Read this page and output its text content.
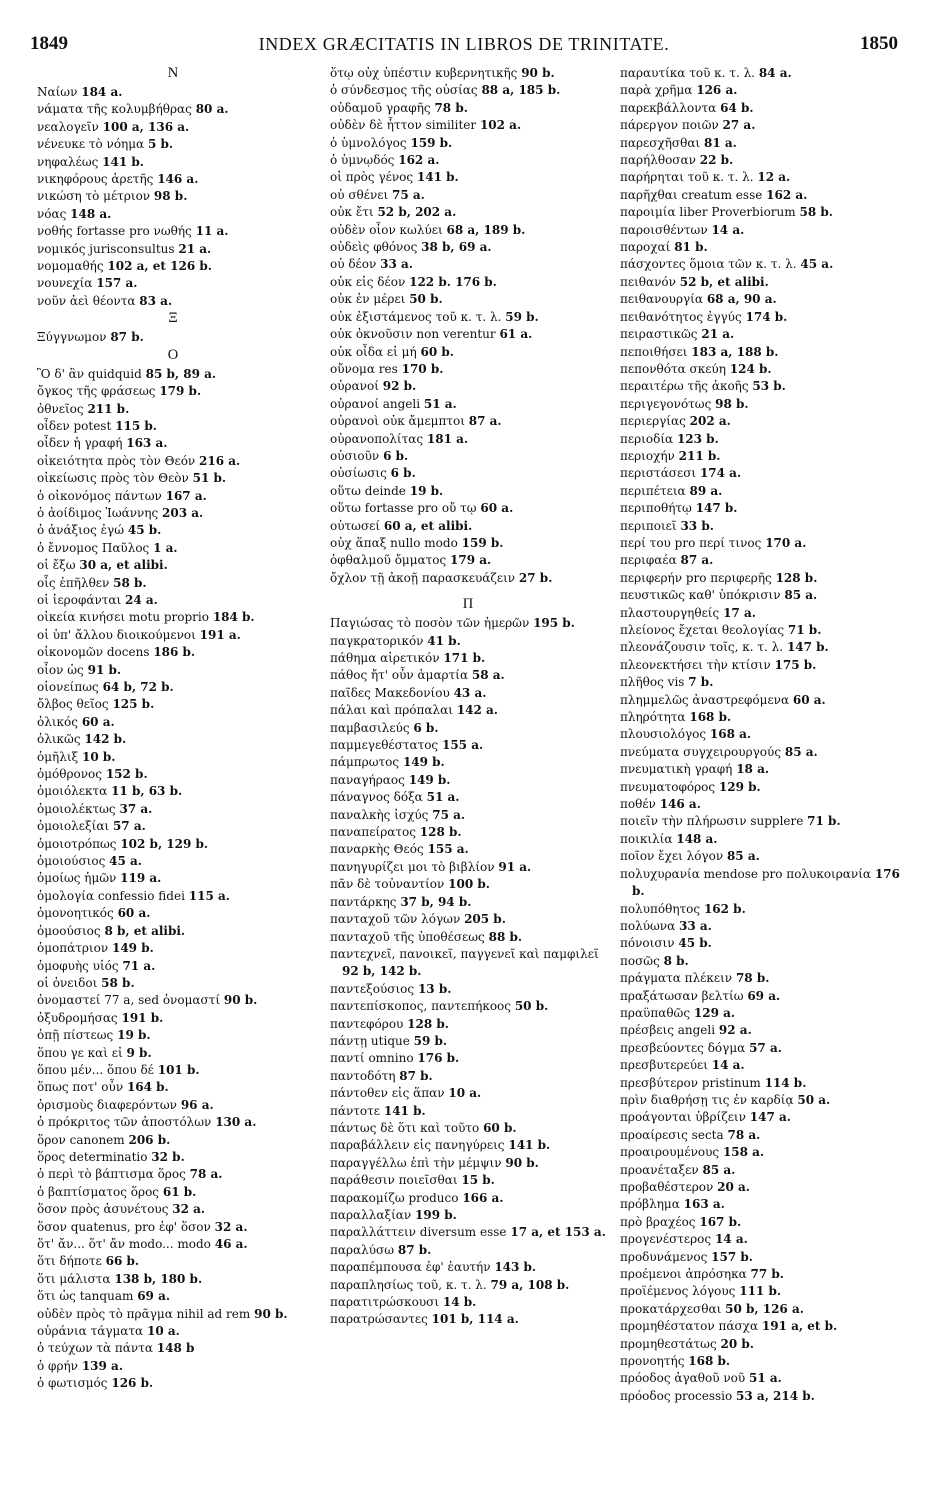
1849	INDEX GRÆCITATIS IN LIBROS DE TRINITATE.	1850
N
Ναίων 184 a.
νάματα τῆς κολυμβήθρας 80 a.
νεαλογεῖν 100 a, 136 a.
νένευκε τὸ νόημα 5 b.
νηφαλέως 141 b.
νικηφόρους ἀρετῆς 146 a.
νικώση τὸ μέτριον 98 b.
νόας 148 a.
νοθής fortasse pro νωθής 11 a.
νομικός jurisconsultus 21 a.
νομομαθής 102 a, et 126 b.
νουνεχία 157 a.
νοῦν ἀεὶ θέοντα 83 a.
Ξ
Ξύγγνωμον 87 b.
O
Ὃ δ' ἂν quidquid 85 b, 89 a.
ὄγκος τῆς φράσεως 179 b.
ὀθνεῖος 211 b.
οἶδεν potest 115 b.
οἶδεν ἡ γραφή 163 a.
οἰκειότητα πρὸς τὸν Θεόν 216 a.
οἰκείωσις πρὸς τὸν Θεὸν 51 b.
ὁ οἰκονόμος πάντων 167 a.
ὁ ἀοίδιμος Ἰωάννης 203 a.
ὁ ἀνάξιος ἐγώ 45 b.
ὁ ἔννομος Παῦλος 1 a.
οἱ ἔξω 30 a, et alibi.
οἷς ἐπῆλθεν 58 b.
οἱ ἱεροφάνται 24 a.
οἰκεία κινήσει motu proprio 184 b.
οἱ ὑπ' ἄλλου διοικούμενοι 191 a.
οἰκονομῶν docens 186 b.
οἷον ὡς 91 b.
οἱονείπως 64 b, 72 b.
ὄλβος θεῖος 125 b.
ὁλικός 60 a.
ὁλικῶς 142 b.
ὁμῆλιξ 10 b.
ὁμόθρονος 152 b.
ὁμοιόλεκτα 11 b, 63 b.
ὁμοιολέκτως 37 a.
ὁμοιολεξίαι 57 a.
ὁμοιοτρόπως 102 b, 129 b.
ὁμοιούσιος 45 a.
ὁμοίως ἡμῶν 119 a.
ὁμολογία confessio fidei 115 a.
ὁμονοητικός 60 a.
ὁμοούσιος 8 b, et alibi.
ὁμοπάτριον 149 b.
ὁμοφυὴς υἱός 71 a.
οἱ ὀνειδοι 58 b.
ὀνομαστεί 77 a, sed ὀνομαστί 90 b.
ὀξυδρομήσας 191 b.
ὀπῇ πίστεως 19 b.
ὅπου γε καὶ εἰ 9 b.
ὅπου μέν... ὅπου δέ 101 b.
ὅπως ποτ' οὖν 164 b.
ὁρισμοὺς διαφερόντων 96 a.
ὁ πρόκριτος τῶν ἀποστόλων 130 a.
ὅρον canonem 206 b.
ὅρος determinatio 32 b.
ὁ περὶ τὸ βάπτισμα ὅρος 78 a.
ὁ βαπτίσματος ὅρος 61 b.
ὅσον πρὸς ἀσυνέτους 32 a.
ὅσον quatenus, pro ἐφ' ὅσον 32 a.
ὅτ' ἄν... ὅτ' ἄν modo... modo 46 a.
ὅτι δήποτε 66 b.
ὅτι μάλιστα 138 b, 180 b.
ὅτι ὡς tanquam 69 a.
οὐδὲν πρὸς τὸ πρᾶγμα nihil ad rem 90 b.
οὐράνια τάγματα 10 a.
ὁ τεύχων τὰ πάντα 148 b
ὁ φρήν 139 a.
ὁ φωτισμός 126 b.
ὅτῳ οὐχ ὑπέστιν κυβερνητικῆς 90 b.
ὁ σύνδεσμος τῆς οὐσίας 88 a, 185 b.
οὐδαμοῦ γραφῆς 78 b.
οὐδὲν δὲ ἧττον similiter 102 a.
ὁ ὑμνολόγος 159 b.
ὁ ὑμνῳδός 162 a.
οἱ πρὸς γένος 141 b.
οὐ σθένει 75 a.
οὐκ ἔτι 52 b, 202 a.
οὐδὲν οἷον κωλύει 68 a, 189 b.
οὐδεὶς φθόνος 38 b, 69 a.
οὐ δέον 33 a.
οὐκ εἰς δέον 122 b. 176 b.
οὐκ ἐν μέρει 50 b.
οὐκ ἐξιστάμενος τοῦ κ. τ. λ. 59 b.
οὐκ ὀκνοῦσιν non verentur 61 a.
οὐκ οἶδα εἰ μή 60 b.
οὔνομα res 170 b.
οὐρανοί 92 b.
οὐρανοί angeli 51 a.
οὐρανοὶ οὐκ ἄμεμπτοι 87 a.
οὐρανοπολίτας 181 a.
οὐσιοῦν 6 b.
οὐσίωσις 6 b.
οὕτω deinde 19 b.
οὕτω fortasse pro οὔ τῳ 60 a.
οὑτωσεί 60 a, et alibi.
οὐχ ἅπαξ nullo modo 159 b.
ὀφθαλμοῦ ὄμματος 179 a.
ὄχλον τῇ ἀκοῇ παρασκευάζειν 27 b.
Π
Παγιώσας τὸ ποσὸν τῶν ἡμερῶν 195 b.
παγκρατορικόν 41 b.
πάθημα αἱρετικόν 171 b.
πάθος ἤτ' οὖν ἁμαρτία 58 a.
παῖδες Μακεδονίου 43 a.
πάλαι καὶ πρόπαλαι 142 a.
παμβασιλεύς 6 b.
παμμεγεθέστατος 155 a.
πάμπρωτος 149 b.
παναγήραος 149 b.
πάναγνος δόξα 51 a.
παναλκὴς ἰσχύς 75 a.
παναπείρατος 128 b.
παναρκὴς Θεός 155 a.
πανηγυρίζει μοι τὸ βιβλίον 91 a.
πᾶν δὲ τοὐναντίον 100 b.
παντάρκης 37 b, 94 b.
πανταχοῦ τῶν λόγων 205 b.
πανταχοῦ τῆς ὑποθέσεως 88 b.
παντεχνεῖ, πανοικεῖ, παγγενεῖ καὶ παμφιλεῖ 92 b, 142 b.
παντεξούσιος 13 b.
παντεπίσκοπος, παντεπήκοος 50 b.
παντεφόρου 128 b.
πάντῃ utique 59 b.
παντί omnino 176 b.
παντοδότη 87 b.
πάντοθεν εἰς ἅπαν 10 a.
πάντοτε 141 b.
πάντως δὲ ὅτι καὶ τοῦτο 60 b.
παραβάλλειν εἰς πανηγύρεις 141 b.
παραγγέλλω ἐπὶ τὴν μέμψιν 90 b.
παράθεσιν ποιεῖσθαι 15 b.
παρακομίζω produco 166 a.
παραλλαξίαν 199 b.
παραλλάττειν diversum esse 17 a, et 153 a.
παραλύσω 87 b.
παραπέμπουσα ἐφ' ἑαυτήν 143 b.
παραπλησίως τοῦ, κ. τ. λ. 79 a, 108 b.
παρατιτρώσκουσι 14 b.
παρατρώσαντες 101 b, 114 a.
παραυτίκα τοῦ κ. τ. λ. 84 a.
παρὰ χρῆμα 126 a.
παρεκβάλλοντα 64 b.
πάρεργον ποιῶν 27 a.
παρεσχῆσθαι 81 a.
παρήλθοσαν 22 b.
παρήρηται τοῦ κ. τ. λ. 12 a.
παρῆχθαι creatum esse 162 a.
παροιμία liber Proverbiorum 58 b.
παροισθέντων 14 a.
παροχαί 81 b.
πάσχοντες ὅμοια τῶν κ. τ. λ. 45 a.
πειθανόν 52 b, et alibi.
πειθανουργία 68 a, 90 a.
πειθανότητος ἐγγύς 174 b.
πειραστικῶς 21 a.
πεποιθήσει 183 a, 188 b.
πεπονθότα σκεύη 124 b.
περαιτέρω τῆς ἀκοῆς 53 b.
περιγεγονότως 98 b.
περιεργίας 202 a.
περιοδία 123 b.
περιοχήν 211 b.
περιστάσεσι 174 a.
περιπέτεια 89 a.
περιποθήτῳ 147 b.
περιποιεῖ 33 b.
περί του pro περί τινος 170 a.
περιφαέα 87 a.
περιφερήν pro περιφερῆς 128 b.
πευστικῶς καθ' ὑπόκρισιν 85 a.
πλαστουργηθείς 17 a.
πλείονος ἔχεται θεολογίας 71 b.
πλεονάζουσιν τοῖς, κ. τ. λ. 147 b.
πλεονεκτήσει τὴν κτίσιν 175 b.
πλῆθος vis 7 b.
πλημμελῶς ἀναστρεφόμενα 60 a.
πληρότητα 168 b.
πλουσιολόγος 168 a.
πνεύματα συγχειρουργούς 85 a.
πνευματικὴ γραφή 18 a.
πνευματοφόρος 129 b.
ποθέν 146 a.
ποιεῖν τὴν πλήρωσιν supplere 71 b.
ποικιλία 148 a.
ποῖον ἔχει λόγον 85 a.
πολυχυρανία mendose pro πολυκοιρανία 176 b.
πολυπόθητος 162 b.
πολύωνα 33 a.
πόνοισιν 45 b.
ποσῶς 8 b.
πράγματα πλέκειν 78 b.
πραξάτωσαν βελτίω 69 a.
πραϋπαθῶς 129 a.
πρέσβεις angeli 92 a.
πρεσβεύοντες δόγμα 57 a.
πρεσβυτερεύει 14 a.
πρεσβύτερον pristinum 114 b.
πρὶν διαθρήσῃ τις ἐν καρδίᾳ 50 a.
προάγονται ὑβρίζειν 147 a.
προαίρεσις secta 78 a.
προαιρουμένους 158 a.
προανέταξεν 85 a.
προβαθέστερον 20 a.
πρόβλημα 163 a.
πρὸ βραχέος 167 b.
προγενέστερος 14 a.
προδυνάμενος 157 b.
προέμενοι ἀπρόσηκα 77 b.
προϊέμενος λόγους 111 b.
προκατάρχεσθαι 50 b, 126 a.
προμηθέστατον πάσχα 191 a, et b.
προμηθεστάτως 20 b.
προνοητής 168 b.
πρόοδος ἀγαθοῦ νοῦ 51 a.
πρόοδος processio 53 a, 214 b.
